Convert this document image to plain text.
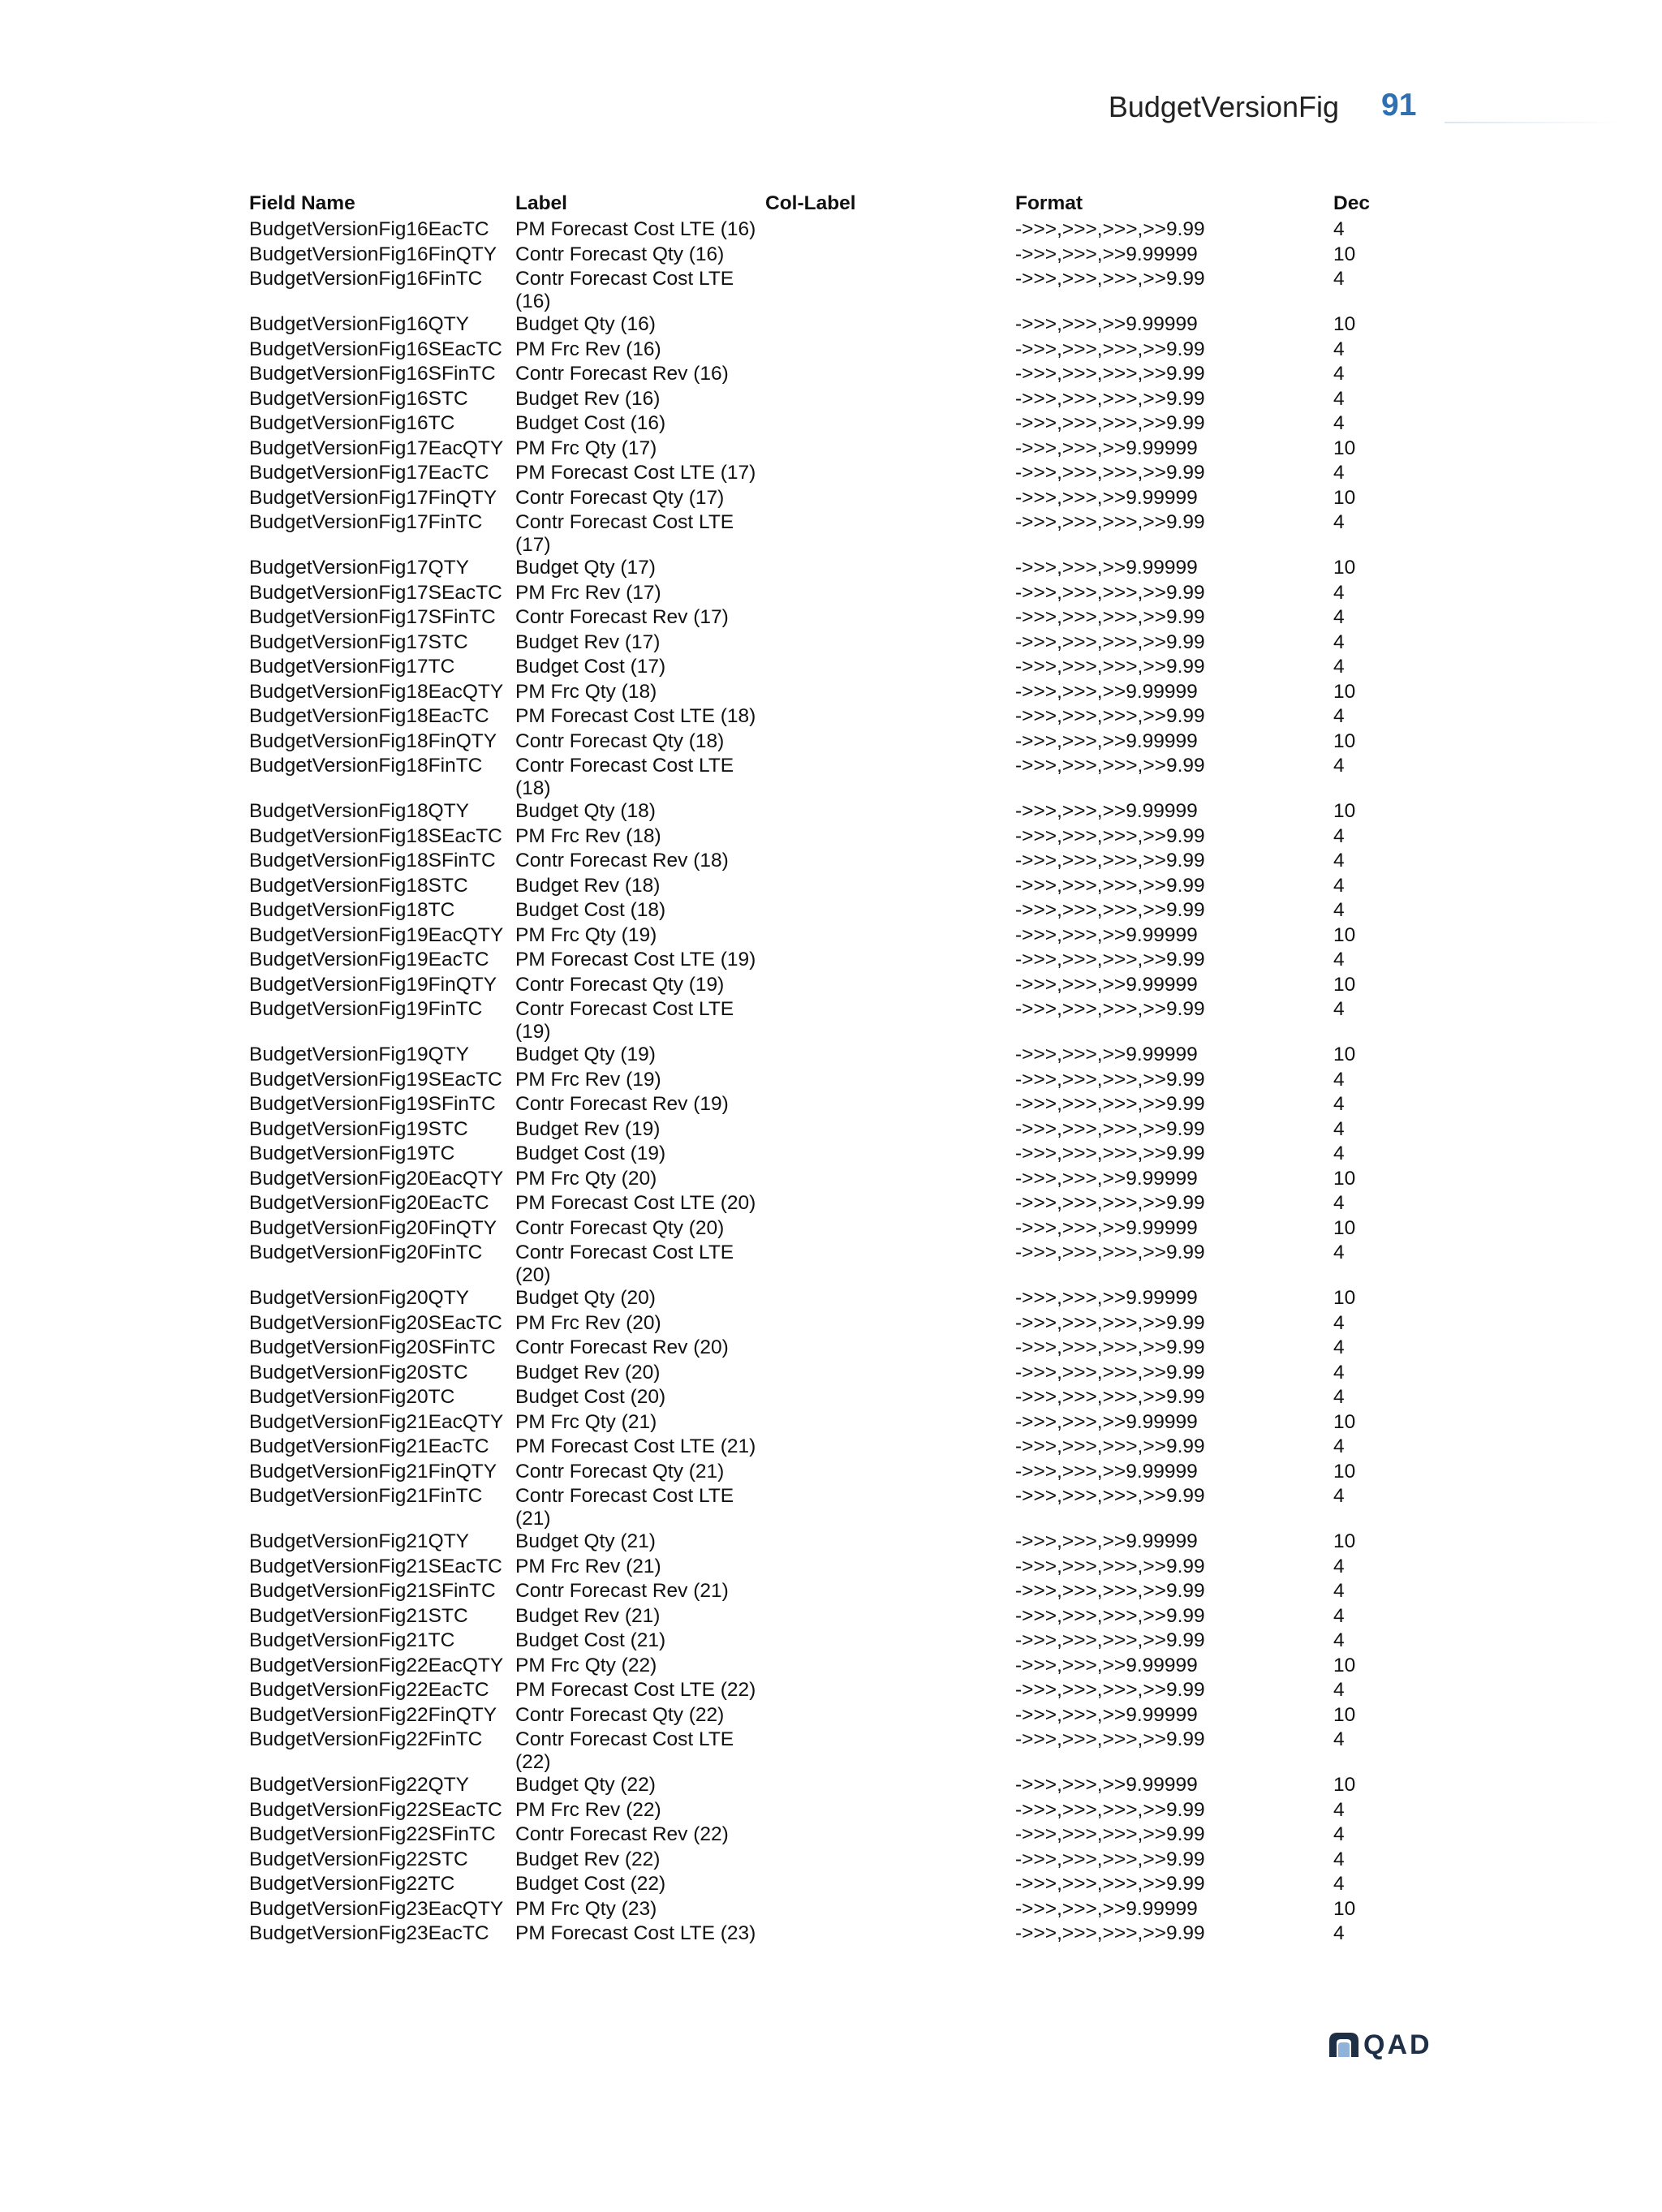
BudgetVersionFig 91
Field Name	Label	Col-Label	Format	Dec
BudgetVersionFig16EacTC	PM Forecast Cost LTE (16)		->>>,>>>,>>>,>>9.99	4
BudgetVersionFig16FinQTY	Contr Forecast Qty (16)		->>>,>>>,>>9.99999	10
BudgetVersionFig16FinTC	Contr Forecast Cost LTE (16)		->>>,>>>,>>>,>>9.99	4
BudgetVersionFig16QTY	Budget Qty (16)		->>>,>>>,>>9.99999	10
BudgetVersionFig16SEacTC	PM Frc Rev (16)		->>>,>>>,>>>,>>9.99	4
BudgetVersionFig16SFinTC	Contr Forecast Rev (16)		->>>,>>>,>>>,>>9.99	4
BudgetVersionFig16STC	Budget Rev (16)		->>>,>>>,>>>,>>9.99	4
BudgetVersionFig16TC	Budget Cost (16)		->>>,>>>,>>>,>>9.99	4
BudgetVersionFig17EacQTY	PM Frc Qty (17)		->>>,>>>,>>9.99999	10
BudgetVersionFig17EacTC	PM Forecast Cost LTE (17)		->>>,>>>,>>>,>>9.99	4
BudgetVersionFig17FinQTY	Contr Forecast Qty (17)		->>>,>>>,>>9.99999	10
BudgetVersionFig17FinTC	Contr Forecast Cost LTE (17)		->>>,>>>,>>>,>>9.99	4
BudgetVersionFig17QTY	Budget Qty (17)		->>>,>>>,>>9.99999	10
BudgetVersionFig17SEacTC	PM Frc Rev (17)		->>>,>>>,>>>,>>9.99	4
BudgetVersionFig17SFinTC	Contr Forecast Rev (17)		->>>,>>>,>>>,>>9.99	4
BudgetVersionFig17STC	Budget Rev (17)		->>>,>>>,>>>,>>9.99	4
BudgetVersionFig17TC	Budget Cost (17)		->>>,>>>,>>>,>>9.99	4
BudgetVersionFig18EacQTY	PM Frc Qty (18)		->>>,>>>,>>9.99999	10
BudgetVersionFig18EacTC	PM Forecast Cost LTE (18)		->>>,>>>,>>>,>>9.99	4
BudgetVersionFig18FinQTY	Contr Forecast Qty (18)		->>>,>>>,>>9.99999	10
BudgetVersionFig18FinTC	Contr Forecast Cost LTE (18)		->>>,>>>,>>>,>>9.99	4
BudgetVersionFig18QTY	Budget Qty (18)		->>>,>>>,>>9.99999	10
BudgetVersionFig18SEacTC	PM Frc Rev (18)		->>>,>>>,>>>,>>9.99	4
BudgetVersionFig18SFinTC	Contr Forecast Rev (18)		->>>,>>>,>>>,>>9.99	4
BudgetVersionFig18STC	Budget Rev (18)		->>>,>>>,>>>,>>9.99	4
BudgetVersionFig18TC	Budget Cost (18)		->>>,>>>,>>>,>>9.99	4
BudgetVersionFig19EacQTY	PM Frc Qty (19)		->>>,>>>,>>9.99999	10
BudgetVersionFig19EacTC	PM Forecast Cost LTE (19)		->>>,>>>,>>>,>>9.99	4
BudgetVersionFig19FinQTY	Contr Forecast Qty (19)		->>>,>>>,>>9.99999	10
BudgetVersionFig19FinTC	Contr Forecast Cost LTE (19)		->>>,>>>,>>>,>>9.99	4
BudgetVersionFig19QTY	Budget Qty (19)		->>>,>>>,>>9.99999	10
BudgetVersionFig19SEacTC	PM Frc Rev (19)		->>>,>>>,>>>,>>9.99	4
BudgetVersionFig19SFinTC	Contr Forecast Rev (19)		->>>,>>>,>>>,>>9.99	4
BudgetVersionFig19STC	Budget Rev (19)		->>>,>>>,>>>,>>9.99	4
BudgetVersionFig19TC	Budget Cost (19)		->>>,>>>,>>>,>>9.99	4
BudgetVersionFig20EacQTY	PM Frc Qty (20)		->>>,>>>,>>9.99999	10
BudgetVersionFig20EacTC	PM Forecast Cost LTE (20)		->>>,>>>,>>>,>>9.99	4
BudgetVersionFig20FinQTY	Contr Forecast Qty (20)		->>>,>>>,>>9.99999	10
BudgetVersionFig20FinTC	Contr Forecast Cost LTE (20)		->>>,>>>,>>>,>>9.99	4
BudgetVersionFig20QTY	Budget Qty (20)		->>>,>>>,>>9.99999	10
BudgetVersionFig20SEacTC	PM Frc Rev (20)		->>>,>>>,>>>,>>9.99	4
BudgetVersionFig20SFinTC	Contr Forecast Rev (20)		->>>,>>>,>>>,>>9.99	4
BudgetVersionFig20STC	Budget Rev (20)		->>>,>>>,>>>,>>9.99	4
BudgetVersionFig20TC	Budget Cost (20)		->>>,>>>,>>>,>>9.99	4
BudgetVersionFig21EacQTY	PM Frc Qty (21)		->>>,>>>,>>9.99999	10
BudgetVersionFig21EacTC	PM Forecast Cost LTE (21)		->>>,>>>,>>>,>>9.99	4
BudgetVersionFig21FinQTY	Contr Forecast Qty (21)		->>>,>>>,>>9.99999	10
BudgetVersionFig21FinTC	Contr Forecast Cost LTE (21)		->>>,>>>,>>>,>>9.99	4
BudgetVersionFig21QTY	Budget Qty (21)		->>>,>>>,>>9.99999	10
BudgetVersionFig21SEacTC	PM Frc Rev (21)		->>>,>>>,>>>,>>9.99	4
BudgetVersionFig21SFinTC	Contr Forecast Rev (21)		->>>,>>>,>>>,>>9.99	4
BudgetVersionFig21STC	Budget Rev (21)		->>>,>>>,>>>,>>9.99	4
BudgetVersionFig21TC	Budget Cost (21)		->>>,>>>,>>>,>>9.99	4
BudgetVersionFig22EacQTY	PM Frc Qty (22)		->>>,>>>,>>9.99999	10
BudgetVersionFig22EacTC	PM Forecast Cost LTE (22)		->>>,>>>,>>>,>>9.99	4
BudgetVersionFig22FinQTY	Contr Forecast Qty (22)		->>>,>>>,>>9.99999	10
BudgetVersionFig22FinTC	Contr Forecast Cost LTE (22)		->>>,>>>,>>>,>>9.99	4
BudgetVersionFig22QTY	Budget Qty (22)		->>>,>>>,>>9.99999	10
BudgetVersionFig22SEacTC	PM Frc Rev (22)		->>>,>>>,>>>,>>9.99	4
BudgetVersionFig22SFinTC	Contr Forecast Rev (22)		->>>,>>>,>>>,>>9.99	4
BudgetVersionFig22STC	Budget Rev (22)		->>>,>>>,>>>,>>9.99	4
BudgetVersionFig22TC	Budget Cost (22)		->>>,>>>,>>>,>>9.99	4
BudgetVersionFig23EacQTY	PM Frc Qty (23)		->>>,>>>,>>9.99999	10
BudgetVersionFig23EacTC	PM Forecast Cost LTE (23)		->>>,>>>,>>>,>>9.99	4
QAD
